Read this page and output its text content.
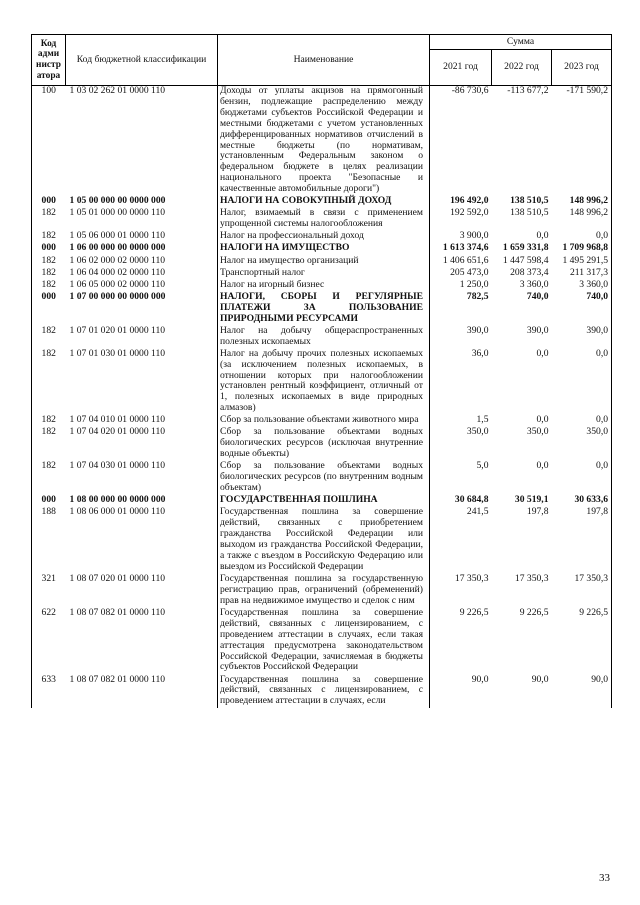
Код адми нистр атора	Код бюджетной классификации	Наименование	Сумма		
			2021 год	2022 год	2023 год
100	1 03 02 262 01 0000 110	Доходы от уплаты акцизов на прямогонный бензин, подлежащие распределению между бюджетами субъектов Российской Федерации и местными бюджетами с учетом установленных дифференцированных нормативов отчислений в местные бюджеты (по нормативам, установленным Федеральным законом о федеральном бюджете в целях реализации национального проекта "Безопасные и качественные автомобильные дороги")	-86 730,6	-113 677,2	-171 590,2
000	1 05 00 000 00 0000 000	НАЛОГИ НА СОВОКУПНЫЙ ДОХОД	196 492,0	138 510,5	148 996,2
182	1 05 01 000 00 0000 110	Налог, взимаемый в связи с применением упрощенной системы налогообложения	192 592,0	138 510,5	148 996,2
182	1 05 06 000 01 0000 110	Налог на профессиональный доход	3 900,0	0,0	0,0
000	1 06 00 000 00 0000 000	НАЛОГИ НА ИМУЩЕСТВО	1 613 374,6	1 659 331,8	1 709 968,8
182	1 06 02 000 02 0000 110	Налог на имущество организаций	1 406 651,6	1 447 598,4	1 495 291,5
182	1 06 04 000 02 0000 110	Транспортный налог	205 473,0	208 373,4	211 317,3
182	1 06 05 000 02 0000 110	Налог на игорный бизнес	1 250,0	3 360,0	3 360,0
000	1 07 00 000 00 0000 000	НАЛОГИ, СБОРЫ И РЕГУЛЯРНЫЕ ПЛАТЕЖИ ЗА ПОЛЬЗОВАНИЕ ПРИРОДНЫМИ РЕСУРСАМИ	782,5	740,0	740,0
182	1 07 01 020 01 0000 110	Налог на добычу общераспространенных полезных ископаемых	390,0	390,0	390,0
182	1 07 01 030 01 0000 110	Налог на добычу прочих полезных ископаемых (за исключением полезных ископаемых, в отношении которых при налогообложении установлен рентный коэффициент, отличный от 1, полезных ископаемых в виде природных алмазов)	36,0	0,0	0,0
182	1 07 04 010 01 0000 110	Сбор за пользование объектами животного мира	1,5	0,0	0,0
182	1 07 04 020 01 0000 110	Сбор за пользование объектами водных биологических ресурсов (исключая внутренние водные объекты)	350,0	350,0	350,0
182	1 07 04 030 01 0000 110	Сбор за пользование объектами водных биологических ресурсов (по внутренним водным объектам)	5,0	0,0	0,0
000	1 08 00 000 00 0000 000	ГОСУДАРСТВЕННАЯ ПОШЛИНА	30 684,8	30 519,1	30 633,6
188	1 08 06 000 01 0000 110	Государственная пошлина за совершение действий, связанных с приобретением гражданства Российской Федерации или выходом из гражданства Российской Федерации, а также с въездом в Российскую Федерацию или выездом из Российской Федерации	241,5	197,8	197,8
321	1 08 07 020 01 0000 110	Государственная пошлина за государственную регистрацию прав, ограничений (обременений) прав на недвижимое имущество и сделок с ним	17 350,3	17 350,3	17 350,3
622	1 08 07 082 01 0000 110	Государственная пошлина за совершение действий, связанных с лицензированием, с проведением аттестации в случаях, если такая аттестация предусмотрена законодательством Российской Федерации, зачисляемая в бюджеты субъектов Российской Федерации	9 226,5	9 226,5	9 226,5
633	1 08 07 082 01 0000 110	Государственная пошлина за совершение действий, связанных с лицензированием, с проведением аттестации в случаях, если	90,0	90,0	90,0
33
